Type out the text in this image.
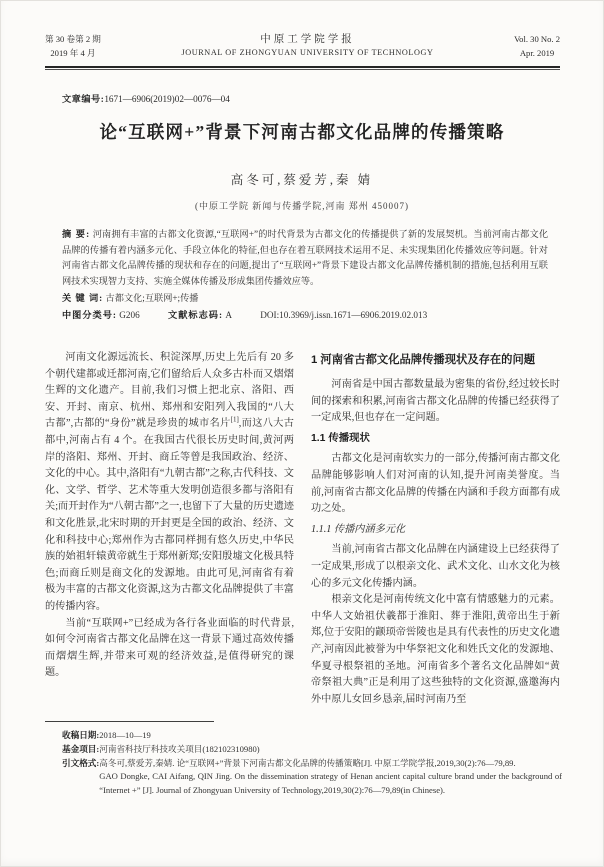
第 30 卷第 2 期
2019 年 4 月
中原工学院学报
JOURNAL OF ZHONGYUAN UNIVERSITY OF TECHNOLOGY
Vol. 30 No. 2
Apr. 2019
文章编号:1671—6906(2019)02—0076—04
论“互联网+”背景下河南古都文化品牌的传播策略
高冬可,蔡爱芳,秦 婧
(中原工学院 新闻与传播学院,河南 郑州 450007)
摘 要: 河南拥有丰富的古都文化资源,“互联网+”的时代背景为古都文化的传播提供了新的发展契机。当前河南古都文化品牌的传播有着内涵多元化、手段立体化的特征,但也存在着互联网技术运用不足、未实现集团化传播效应等问题。针对河南省古都文化品牌传播的现状和存在的问题,提出了“互联网+”背景下建设古都文化品牌传播机制的措施,包括利用互联网技术实现智力支持、实施全媒体传播及形成集团传播效应等。
关 键 词: 古都文化;互联网+;传播
中图分类号: G206	文献标志码: A	DOI:10.3969/j.issn.1671—6906.2019.02.013

河南文化源远流长、积淀深厚,历史上先后有 20 多个朝代建都或迁都河南,它们留给后人众多古朴而又熠熠生辉的文化遗产。目前,我们习惯上把北京、洛阳、西安、开封、南京、杭州、郑州和安阳列入我国的“八大古都”,古都的“身份”就是珍贵的城市名片[1],而这八大古都中,河南占有 4 个。在我国古代很长历史时间,黄河两岸的洛阳、郑州、开封、商丘等曾是我国政治、经济、文化的中心。其中,洛阳有“九朝古都”之称,古代科技、文化、文学、哲学、艺术等重大发明创造很多都与洛阳有关;而开封作为“八朝古都”之一,也留下了大量的历史遗迹和文化胜景,北宋时期的开封更是全国的政治、经济、文化和科技中心;郑州作为古都同样拥有悠久历史,中华民族的始祖轩辕黄帝就生于郑州新郑;安阳殷墟文化极具特色;而商丘则是商文化的发源地。由此可见,河南省有着极为丰富的古都文化资源,这为古都文化品牌提供了丰富的传播内容。

当前“互联网+”已经成为各行各业面临的时代背景,如何令河南省古都文化品牌在这一背景下通过高效传播而熠熠生辉,并带来可观的经济效益,是值得研究的课题。

1 河南省古都文化品牌传播现状及存在的问题

河南省是中国古都数量最为密集的省份,经过较长时间的探索和积累,河南省古都文化品牌的传播已经获得了一定成果,但也存在一定问题。

1.1 传播现状

古都文化是河南软实力的一部分,传播河南古都文化品牌能够影响人们对河南的认知,提升河南美誉度。当前,河南省古都文化品牌的传播在内涵和手段方面都有成功之处。

1.1.1 传播内涵多元化

当前,河南省古都文化品牌在内涵建设上已经获得了一定成果,形成了以根亲文化、武术文化、山水文化为核心的多元文化传播内涵。

根亲文化是河南传统文化中富有情感魅力的元素。中华人文始祖伏羲都于淮阳、葬于淮阳,黄帝出生于新郑,位于安阳的颛顼帝喾陵也是具有代表性的历史文化遗产,河南因此被誉为中华祭祀文化和姓氏文化的发源地、华夏寻根祭祖的圣地。河南省多个著名文化品牌如“黄帝祭祖大典”正是利用了这些独特的文化资源,盛邀海内外中原儿女回乡恳亲,届时河南乃至

收稿日期: 2018—10—19
基金项目: 河南省科技厅科技攻关项目(182102310980)
引文格式: 高冬可,蔡爱芳,秦婧. 论“互联网+”背景下河南古都文化品牌的传播策略[J]. 中原工学院学报,2019,30(2):76—79,89.
GAO Dongke, CAI Aifang, QIN Jing. On the dissemination strategy of Henan ancient capital culture brand under the background of “Internet +” [J]. Journal of Zhongyuan University of Technology,2019,30(2):76—79,89(in Chinese).
